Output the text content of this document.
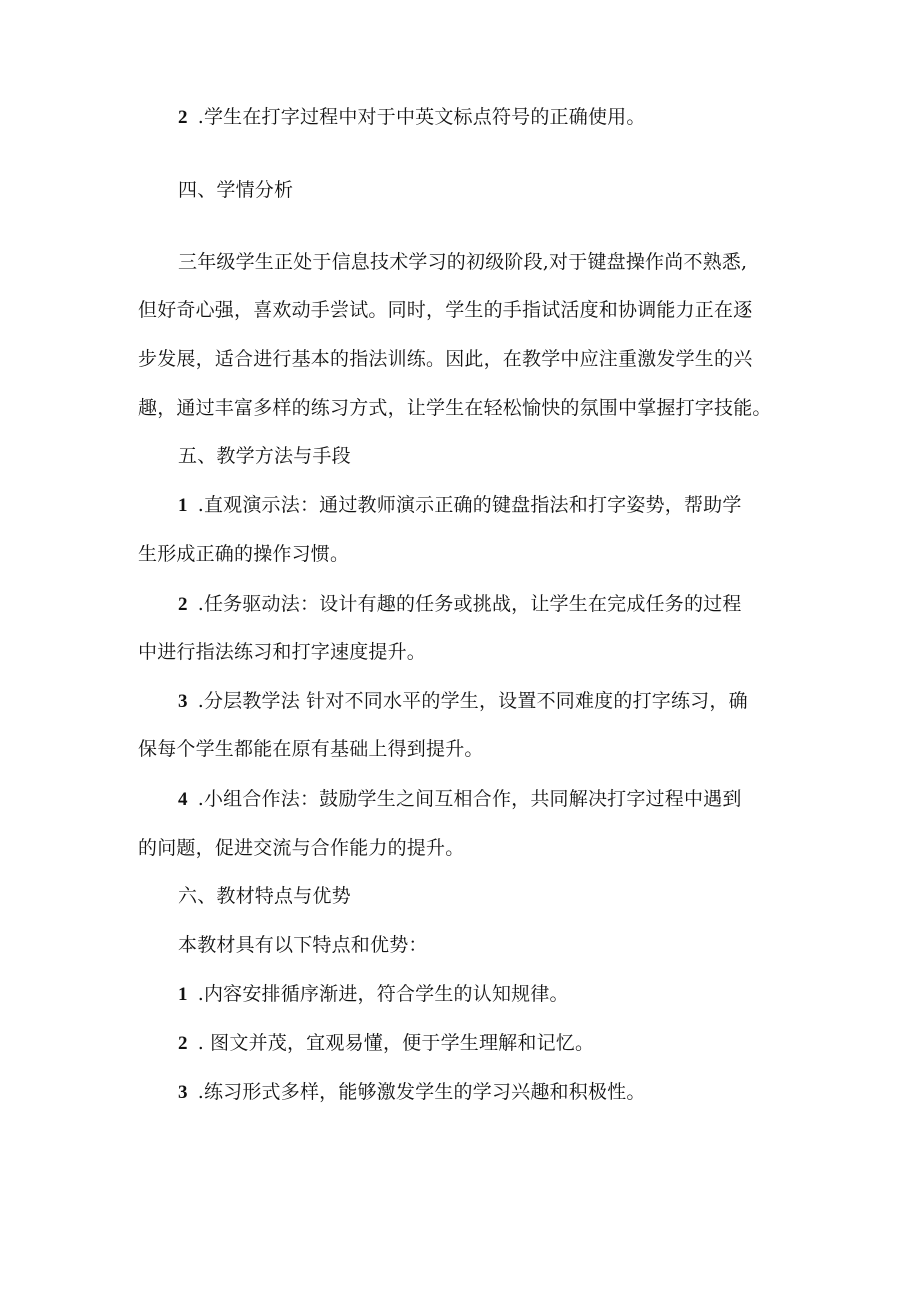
2 .学生在打字过程中对于中英文标点符号的正确使用。
四、学情分析
三年级学生正处于信息技术学习的初级阶段,对于键盘操作尚不熟悉,
但好奇心强，喜欢动手尝试。同时，学生的手指试活度和协调能力正在逐
步发展，适合进行基本的指法训练。因此，在教学中应注重激发学生的兴
趣，通过丰富多样的练习方式，让学生在轻松愉快的氛围中掌握打字技能。
五、教学方法与手段
1 .直观演示法：通过教师演示正确的键盘指法和打字姿势，帮助学
生形成正确的操作习惯。
2 .任务驱动法：设计有趣的任务或挑战，让学生在完成任务的过程
中进行指法练习和打字速度提升。
3 .分层教学法 针对不同水平的学生，设置不同难度的打字练习，确
保每个学生都能在原有基础上得到提升。
4 .小组合作法：鼓励学生之间互相合作，共同解决打字过程中遇到
的问题，促进交流与合作能力的提升。
六、教材特点与优势
本教材具有以下特点和优势：
1 .内容安排循序渐进，符合学生的认知规律。
2 . 图文并茂，宜观易懂，便于学生理解和记忆。
3 .练习形式多样，能够激发学生的学习兴趣和积极性。
